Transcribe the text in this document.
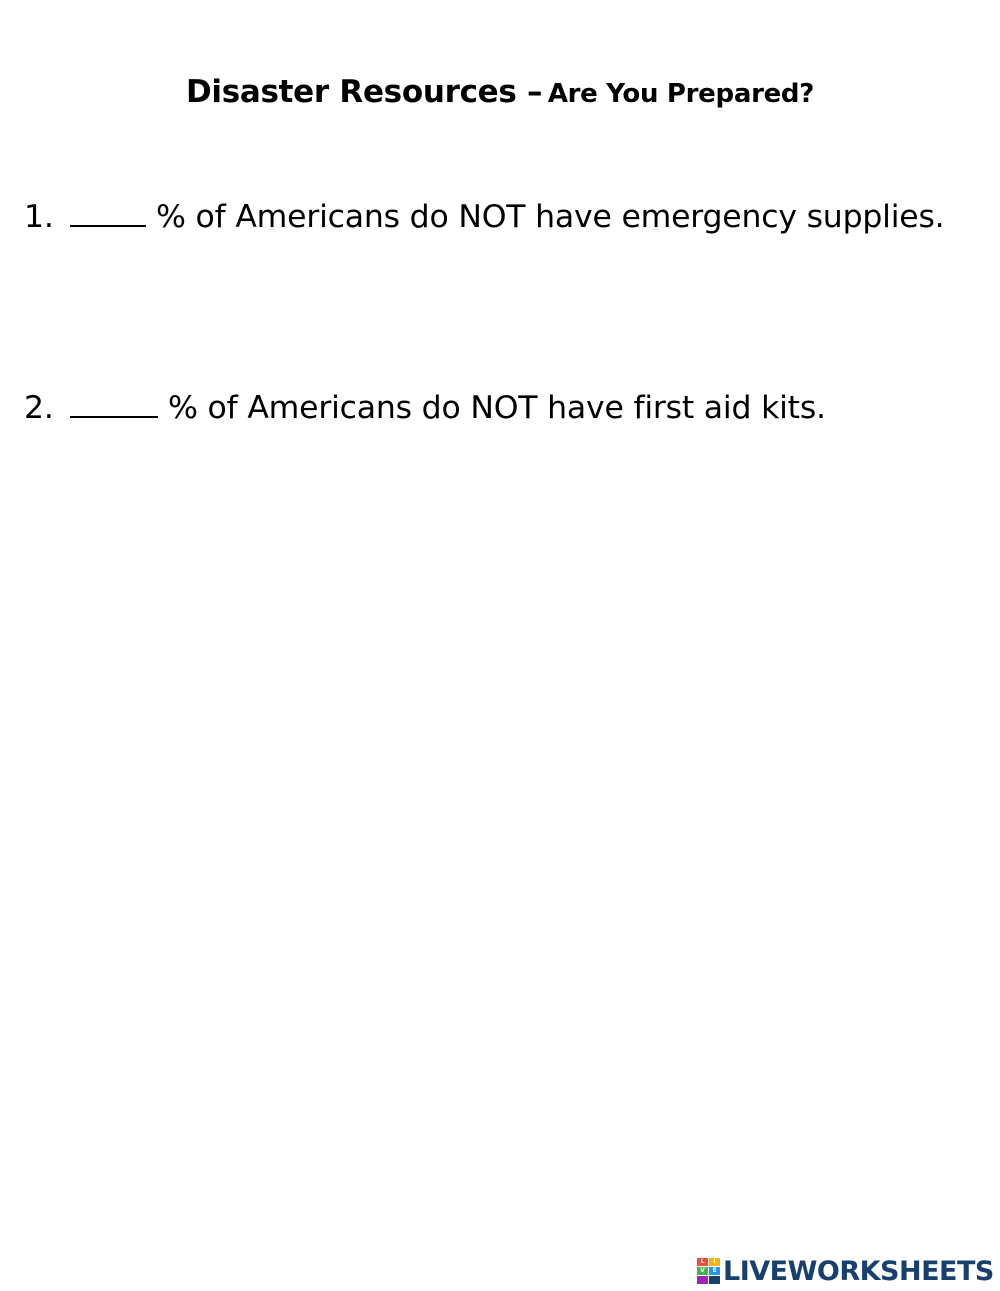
Disaster Resources – Are You Prepared?
1.	% of Americans do NOT have emergency supplies.
2.	% of Americans do NOT have first aid kits.
L	I
V	E LIVEWORKSHEETS
